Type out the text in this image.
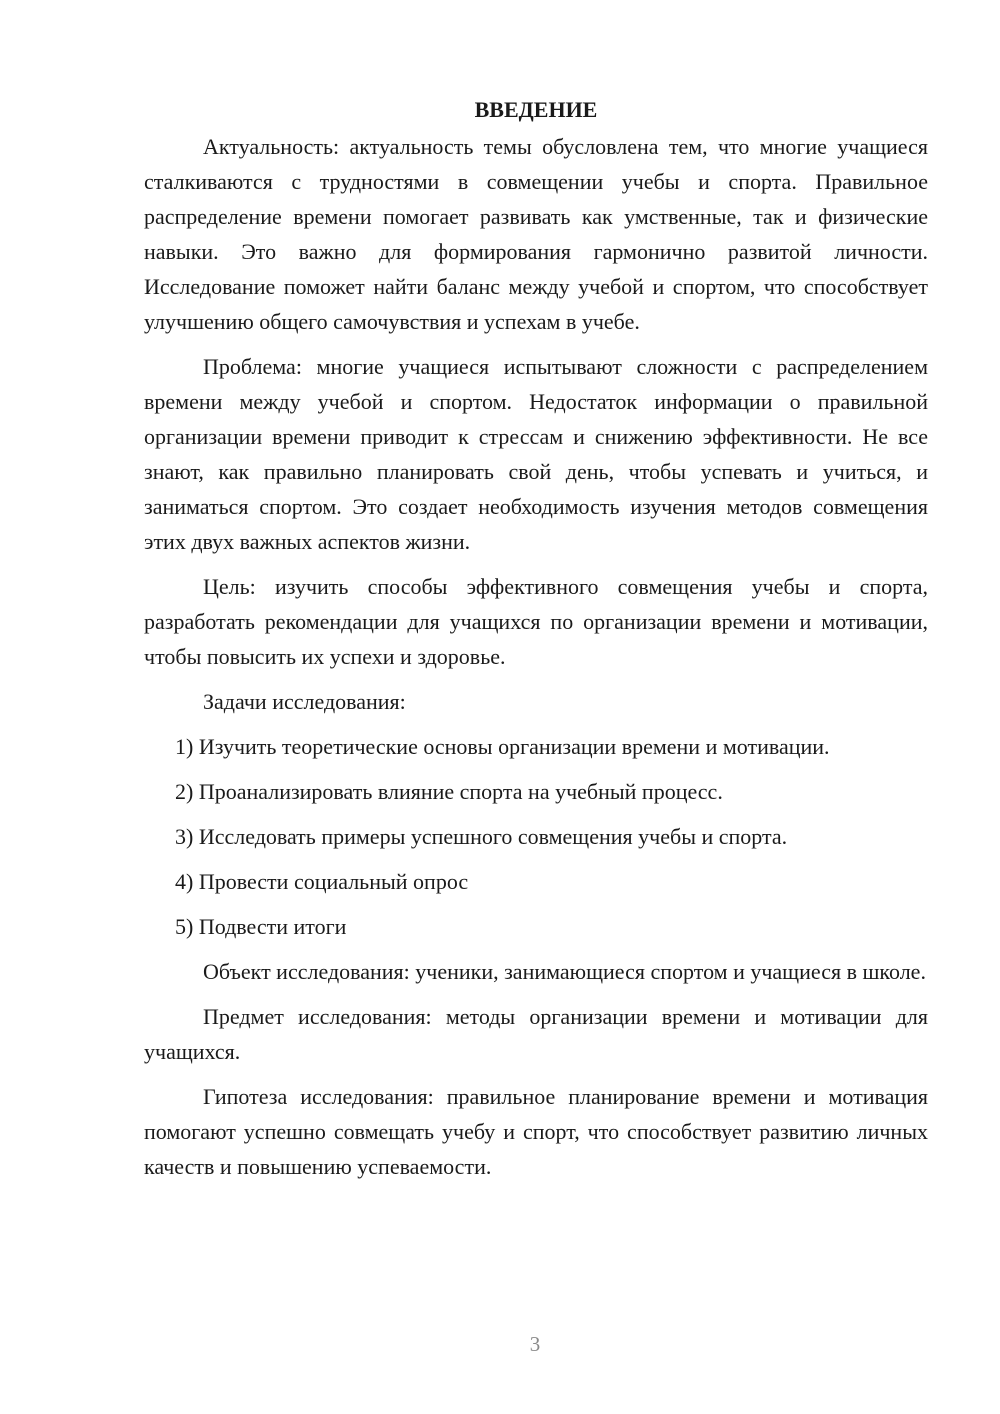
ВВЕДЕНИЕ

Актуальность: актуальность темы обусловлена тем, что многие учащиеся сталкиваются с трудностями в совмещении учебы и спорта. Правильное распределение времени помогает развивать как умственные, так и физические навыки. Это важно для формирования гармонично развитой личности. Исследование поможет найти баланс между учебой и спортом, что способствует улучшению общего самочувствия и успехам в учебе.

Проблема: многие учащиеся испытывают сложности с распределением времени между учебой и спортом. Недостаток информации о правильной организации времени приводит к стрессам и снижению эффективности. Не все знают, как правильно планировать свой день, чтобы успевать и учиться, и заниматься спортом. Это создает необходимость изучения методов совмещения этих двух важных аспектов жизни.

Цель: изучить способы эффективного совмещения учебы и спорта, разработать рекомендации для учащихся по организации времени и мотивации, чтобы повысить их успехи и здоровье.

Задачи исследования:

1) Изучить теоретические основы организации времени и мотивации.

2) Проанализировать влияние спорта на учебный процесс.

3) Исследовать примеры успешного совмещения учебы и спорта.

4) Провести социальный опрос

5) Подвести итоги

Объект исследования: ученики, занимающиеся спортом и учащиеся в школе.

Предмет исследования: методы организации времени и мотивации для учащихся.

Гипотеза исследования: правильное планирование времени и мотивация помогают успешно совмещать учебу и спорт, что способствует развитию личных качеств и повышению успеваемости.

3
